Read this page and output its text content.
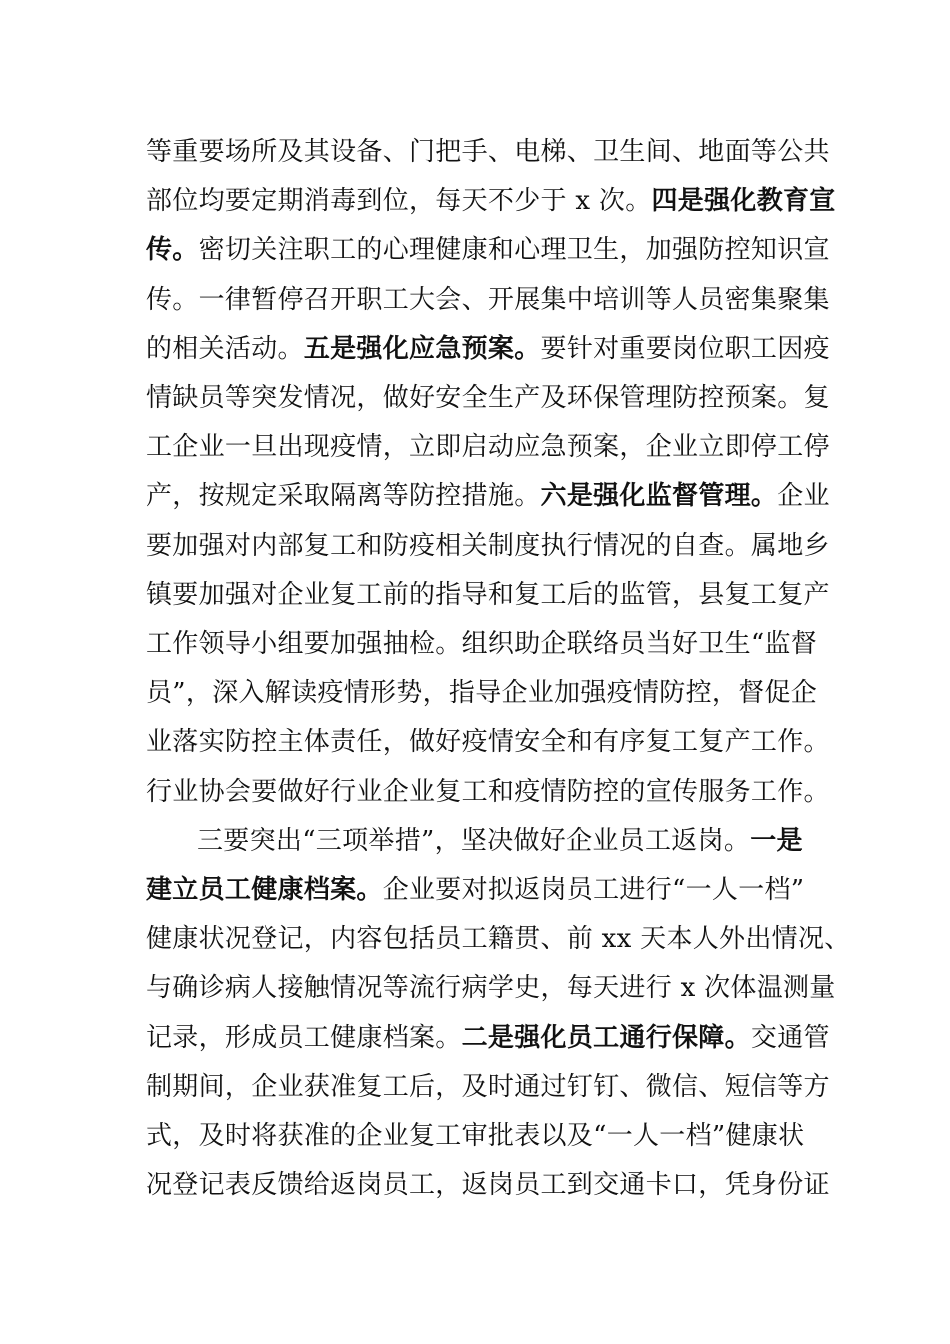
等重要场所及其设备、门把手、电梯、卫生间、地面等公共
部位均要定期消毒到位，每天不少于 x 次。四是强化教育宣
传。密切关注职工的心理健康和心理卫生，加强防控知识宣
传。一律暂停召开职工大会、开展集中培训等人员密集聚集
的相关活动。五是强化应急预案。要针对重要岗位职工因疫
情缺员等突发情况，做好安全生产及环保管理防控预案。复
工企业一旦出现疫情，立即启动应急预案，企业立即停工停
产，按规定采取隔离等防控措施。六是强化监督管理。企业
要加强对内部复工和防疫相关制度执行情况的自查。属地乡
镇要加强对企业复工前的指导和复工后的监管，县复工复产
工作领导小组要加强抽检。组织助企联络员当好卫生“监督
员”，深入解读疫情形势，指导企业加强疫情防控，督促企
业落实防控主体责任，做好疫情安全和有序复工复产工作。
行业协会要做好行业企业复工和疫情防控的宣传服务工作。
三要突出“三项举措”，坚决做好企业员工返岗。一是
建立员工健康档案。企业要对拟返岗员工进行“一人一档”
健康状况登记，内容包括员工籍贯、前 xx 天本人外出情况、
与确诊病人接触情况等流行病学史，每天进行 x 次体温测量
记录，形成员工健康档案。二是强化员工通行保障。交通管
制期间，企业获准复工后，及时通过钉钉、微信、短信等方
式，及时将获准的企业复工审批表以及“一人一档”健康状
况登记表反馈给返岗员工，返岗员工到交通卡口，凭身份证
